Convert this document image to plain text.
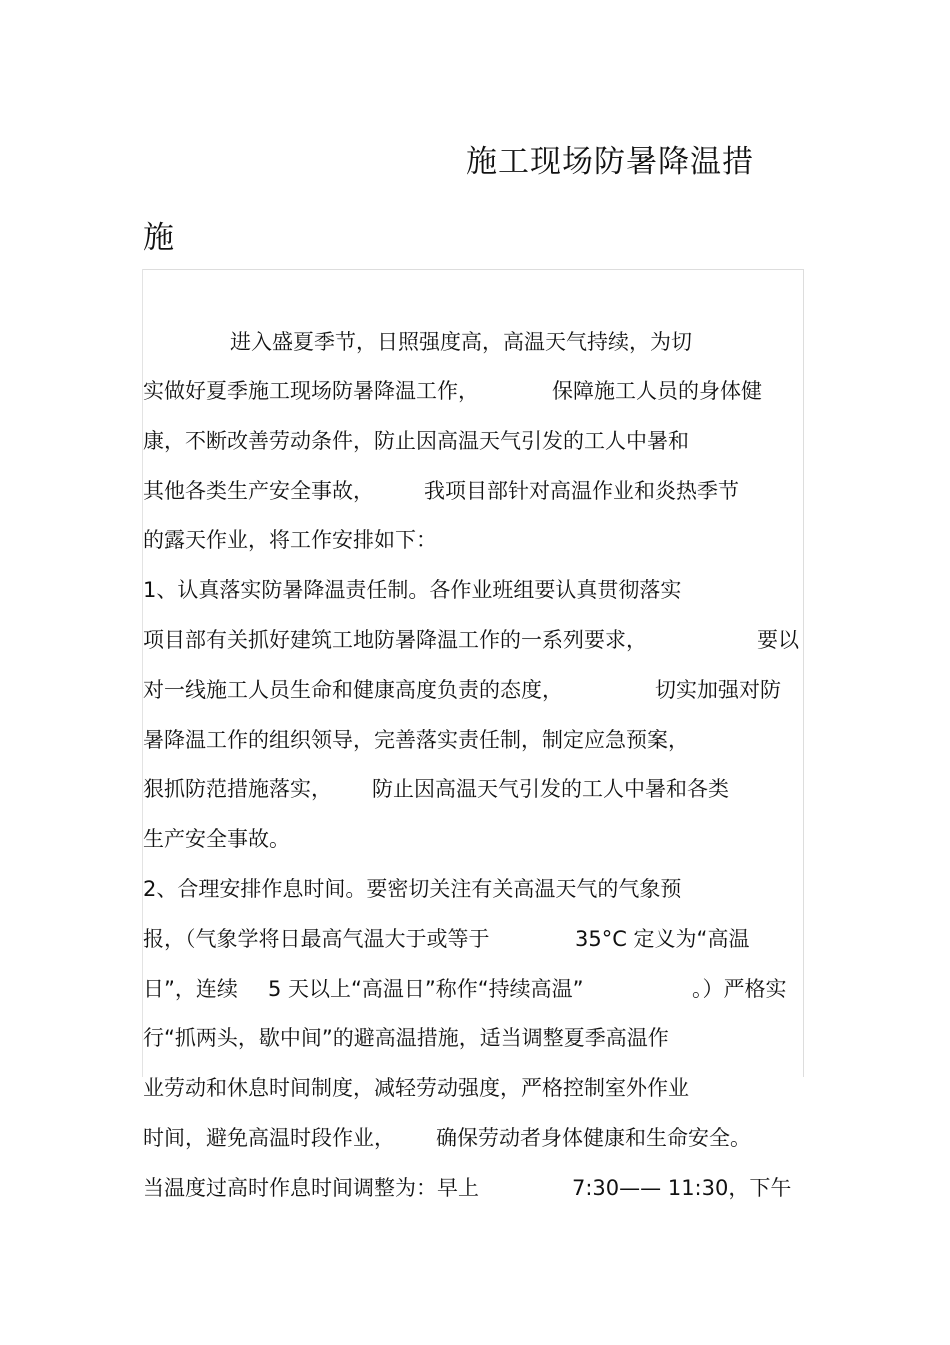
施工现场防暑降温措
施
进入盛夏季节，日照强度高，高温天气持续，为切
实做好夏季施工现场防暑降温工作，	保障施工人员的身体健
康，不断改善劳动条件，防止因高温天气引发的工人中暑和
其他各类生产安全事故， 我项目部针对高温作业和炎热季节
的露天作业，将工作安排如下：
1、认真落实防暑降温责任制。各作业班组要认真贯彻落实
项目部有关抓好建筑工地防暑降温工作的一系列要求，	要以
对一线施工人员生命和健康高度负责的态度，	切实加强对防
暑降温工作的组织领导，完善落实责任制，制定应急预案，
狠抓防范措施落实， 防止因高温天气引发的工人中暑和各类
生产安全事故。
2、合理安排作息时间。要密切关注有关高温天气的气象预
报，（气象学将日最高气温大于或等于	35°C 定义为“高温
日”，连续 5 天以上“高温日”称作“持续高温”	。）严格实
行“抓两头，歇中间”的避高温措施，适当调整夏季高温作
业劳动和休息时间制度，减轻劳动强度，严格控制室外作业
时间，避免高温时段作业， 确保劳动者身体健康和生命安全。
当温度过高时作息时间调整为：早上	7:30—— 11:30，下午
